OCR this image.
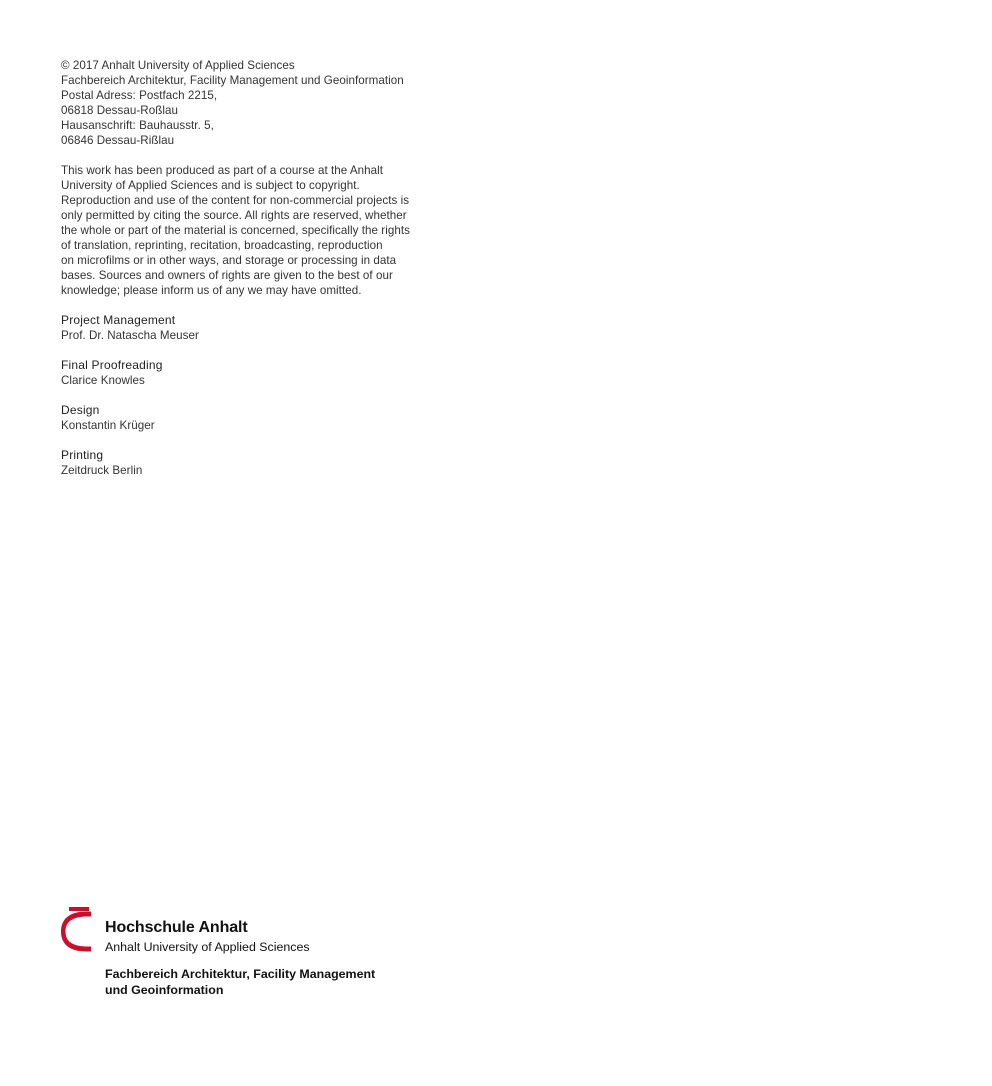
© 2017 Anhalt University of Applied Sciences
Fachbereich Architektur, Facility Management und Geoinformation
Postal Adress: Postfach 2215,
06818 Dessau-Roßlau
Hausanschrift: Bauhausstr. 5,
06846 Dessau-Rißlau
This work has been produced as part of a course at the Anhalt
University of Applied Sciences and is subject to copyright.
Reproduction and use of the content for non-commercial projects is
only permitted by citing the source. All rights are reserved, whether
the whole or part of the material is concerned, specifically the rights
of translation, reprinting, recitation, broadcasting, reproduction
on microfilms or in other ways, and storage or processing in data
bases. Sources and owners of rights are given to the best of our
knowledge; please inform us of any we may have omitted.
Project Management
Prof. Dr. Natascha Meuser
Final Proofreading
Clarice Knowles
Design
Konstantin Krüger
Printing
Zeitdruck Berlin
Hochschule Anhalt
Anhalt University of Applied Sciences
Fachbereich Architektur, Facility Management
und Geoinformation
